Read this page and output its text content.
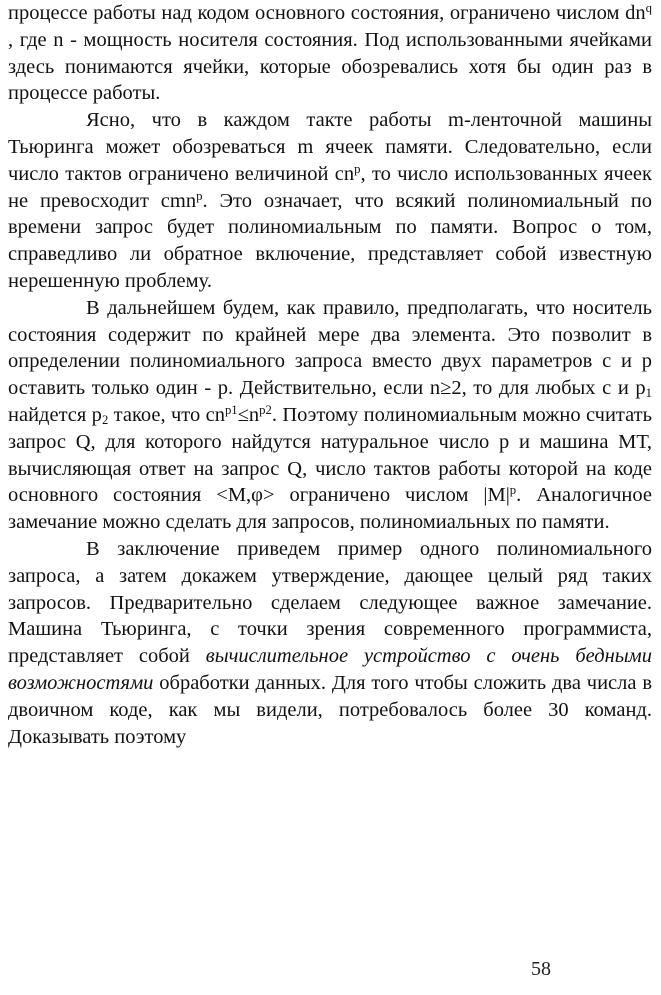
процессе работы над кодом основного состояния, ограничено числом $dn^q$ , где n - мощность носителя состояния. Под использованными ячейками здесь понимаются ячейки, которые обозревались хотя бы один раз в процессе работы.

Ясно, что в каждом такте работы m-ленточной машины Тьюринга может обозреваться m ячеек памяти. Следовательно, если число тактов ограничено величиной $cn^p$, то число использованных ячеек не превосходит cmn$^p$. Это означает, что всякий полиномиальный по времени запрос будет полиномиальным по памяти. Вопрос о том, справедливо ли обратное включение, представляет собой известную нерешенную проблему.

В дальнейшем будем, как правило, предполагать, что носитель состояния содержит по крайней мере два элемента. Это позволит в определении полиномиального запроса вместо двух параметров c и p оставить только один - p. Действительно, если n≥2, то для любых c и $p_1$ найдется $p_2$ такое, что $cn^{p1}\le n^{p2}$. Поэтому полиномиальным можно считать запрос Q, для которого найдутся натуральное число p и машина МТ, вычисляющая ответ на запрос Q, число тактов работы которой на коде основного состояния <M,φ> ограничено числом $|M|^p$. Аналогичное замечание можно сделать для запросов, полиномиальных по памяти.

В заключение приведем пример одного полиномиального запроса, а затем докажем утверждение, дающее целый ряд таких запросов. Предварительно сделаем следующее важное замечание. Машина Тьюринга, с точки зрения современного программиста, представляет собой вычислительное устройство с очень бедными возможностями обработки данных. Для того чтобы сложить два числа в двоичном коде, как мы видели, потребовалось более 30 команд. Доказывать поэтому

58
